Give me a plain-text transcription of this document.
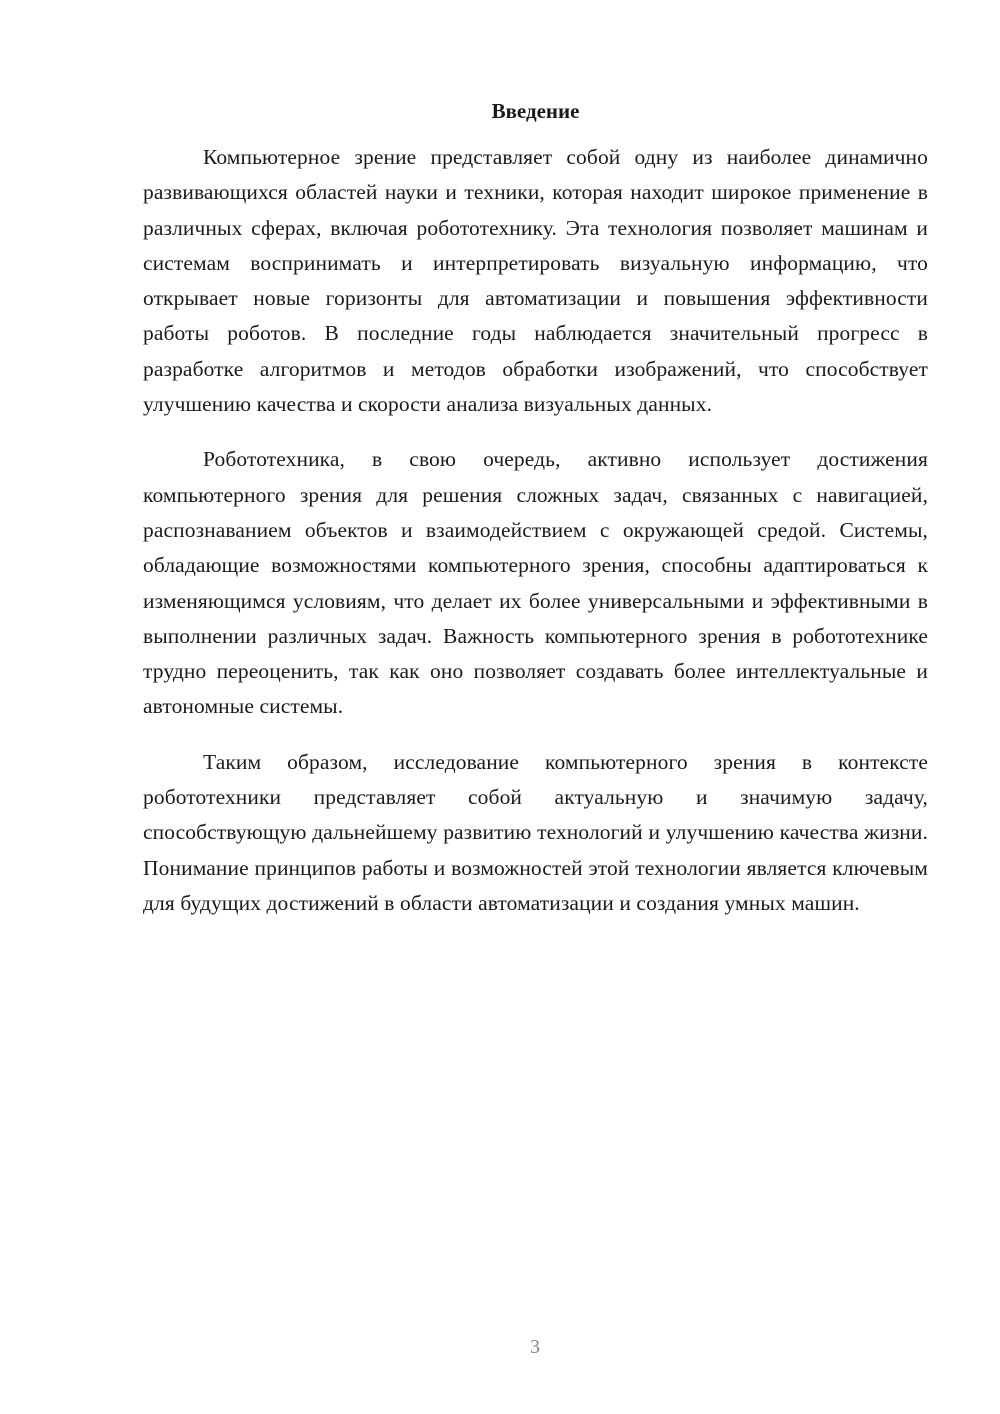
Введение

Компьютерное зрение представляет собой одну из наиболее динамично развивающихся областей науки и техники, которая находит широкое применение в различных сферах, включая робототехнику. Эта технология позволяет машинам и системам воспринимать и интерпретировать визуальную информацию, что открывает новые горизонты для автоматизации и повышения эффективности работы роботов. В последние годы наблюдается значительный прогресс в разработке алгоритмов и методов обработки изображений, что способствует улучшению качества и скорости анализа визуальных данных.

Робототехника, в свою очередь, активно использует достижения компьютерного зрения для решения сложных задач, связанных с навигацией, распознаванием объектов и взаимодействием с окружающей средой. Системы, обладающие возможностями компьютерного зрения, способны адаптироваться к изменяющимся условиям, что делает их более универсальными и эффективными в выполнении различных задач. Важность компьютерного зрения в робототехнике трудно переоценить, так как оно позволяет создавать более интеллектуальные и автономные системы.

Таким образом, исследование компьютерного зрения в контексте робототехники представляет собой актуальную и значимую задачу, способствующую дальнейшему развитию технологий и улучшению качества жизни. Понимание принципов работы и возможностей этой технологии является ключевым для будущих достижений в области автоматизации и создания умных машин.

3
